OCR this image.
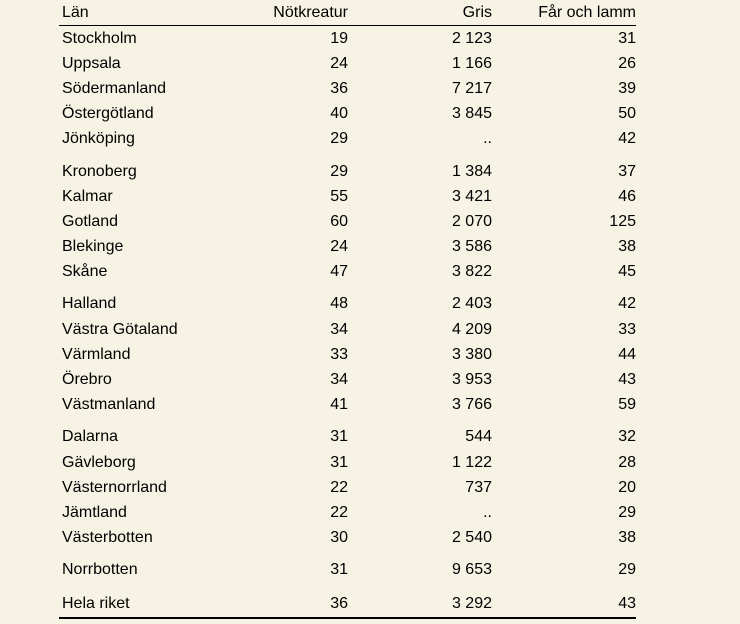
Län	Nötkreatur	Gris	Får och lamm
Stockholm	19	2 123	31
Uppsala	24	1 166	26
Södermanland	36	7 217	39
Östergötland	40	3 845	50
Jönköping	29	..	42
Kronoberg	29	1 384	37
Kalmar	55	3 421	46
Gotland	60	2 070	125
Blekinge	24	3 586	38
Skåne	47	3 822	45
Halland	48	2 403	42
Västra Götaland	34	4 209	33
Värmland	33	3 380	44
Örebro	34	3 953	43
Västmanland	41	3 766	59
Dalarna	31	544	32
Gävleborg	31	1 122	28
Västernorrland	22	737	20
Jämtland	22	..	29
Västerbotten	30	2 540	38
Norrbotten	31	9 653	29
Hela riket	36	3 292	43
